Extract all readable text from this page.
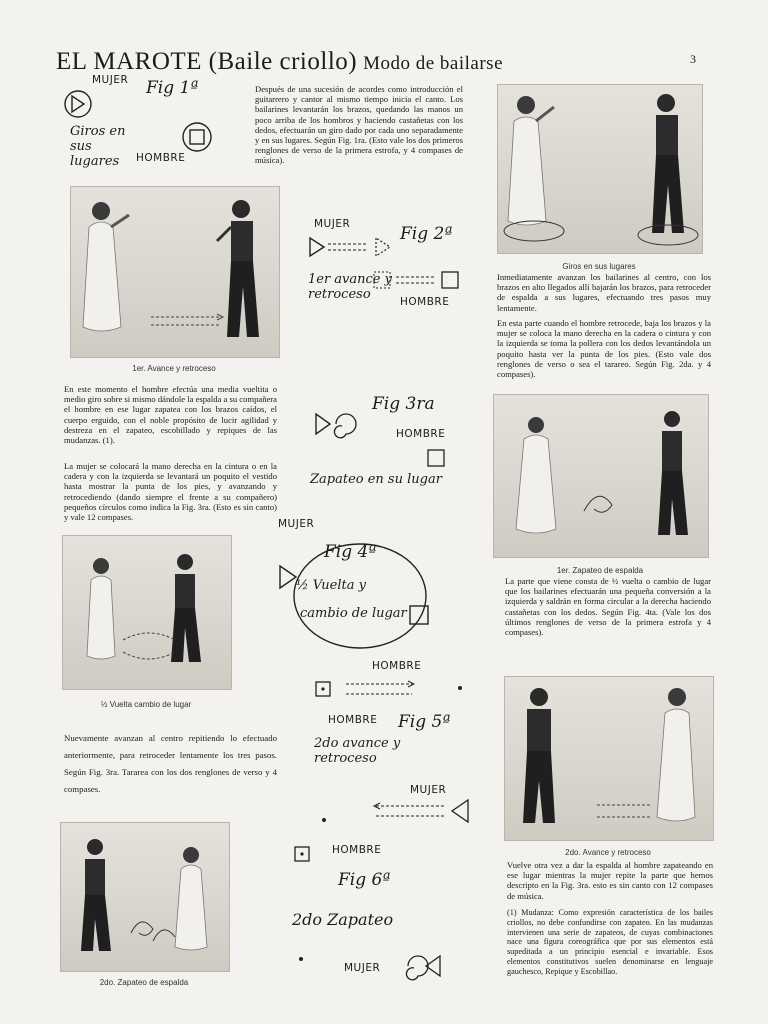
EL MAROTE (Baile criollo) Modo de bailarse	3
MUJER Fig 1ª
Giros en sus lugares	HOMBRE

Después de una sucesión de acordes como introducción el guitarrero y cantor al mismo tiempo inicia el canto. Los bailarines levantarán los brazos, quedando las manos un poco arriba de los hombros y haciendo castañetas con los dedos, efectuarán un giro dado por cada uno separadamente y en sus lugares. Según Fig. 1ra. (Esto vale los dos primeros renglones de verso de la primera estrofa, y 4 compases de música).

1er. Avance y retroceso

En este momento el hombre efectúa una media vueltita o medio giro sobre si mismo dándole la espalda a su compañera el hombre en ese lugar zapatea con los brazos caídos, el cuerpo erguido, con el noble propósito de lucir agilidad y destreza en el zapateo, escobillado y repiques de las mudanzas. (1).

La mujer se colocará la mano derecha en la cintura o en la cadera y con la izquierda se levantará un poquito el vestido hasta mostrar la punta de los pies, y avanzando y retrocediendo (dando siempre el frente a su compañero) pequeños círculos como indica la Fig. 3ra. (Esto es sin canto) y vale 12 compases.

½ Vuelta cambio de lugar

Nuevamente avanzan al centro repitiendo lo efectuado anteriormente, para retroceder lentamente los tres pasos. Según Fig. 3ra. Tararea con los dos renglones de verso y 4 compases.

2do. Zapateo de espalda
MUJER	Fig 2ª
1er avance y retroceso	HOMBRE
Fig 3ra
HOMBRE
Zapateo en su lugar
MUJER
Fig 4ª
½ Vuelta y
cambio de lugar
HOMBRE
HOMBRE Fig 5ª
2do avance y retroceso
MUJER
HOMBRE
Fig 6ª
2do Zapateo
MUJER
Giros en sus lugares

Inmediatamente avanzan los bailarines al centro, con los brazos en alto llegados allí bajarán los brazos, para retroceder de espalda a sus lugares, efectuando tres pasos muy lentamente.

En esta parte cuando el hombre retrocede, baja los brazos y la mujer se coloca la mano derecha en la cadera o cintura y con la izquierda se toma la pollera con los dedos levantándola un poquito hasta ver la punta de los pies. (Esto vale dos renglones de verso o sea el tarareo. Según Fig. 2da. y 4 compases).

1er. Zapateo de espalda

La parte que viene consta de ½ vuelta o cambio de lugar que los bailarines efectuarán una pequeña conversión a la izquierda y saldrán en forma circular a la derecha haciendo castañetas con los dedos. Según Fig. 4ta. (Vale los dos últimos renglones de verso de la primera estrofa y 4 compases).

2do. Avance y retroceso

Vuelve otra vez a dar la espalda al hombre zapateando en ese lugar mientras la mujer repite la parte que hemos descripto en la Fig. 3ra. esto es sin canto con 12 compases de música.

(1) Mudanza: Como expresión característica de los bailes criollos, no debe confundirse con zapateo. En las mudanzas intervienen una serie de zapateos, de cuyas combinaciones nace una figura coreográfica que por sus elementos está supeditada a un principio esencial e invariable. Esos elementos constitutivos suelen denominarse en lenguaje gauchesco, Repique y Escobillao.
